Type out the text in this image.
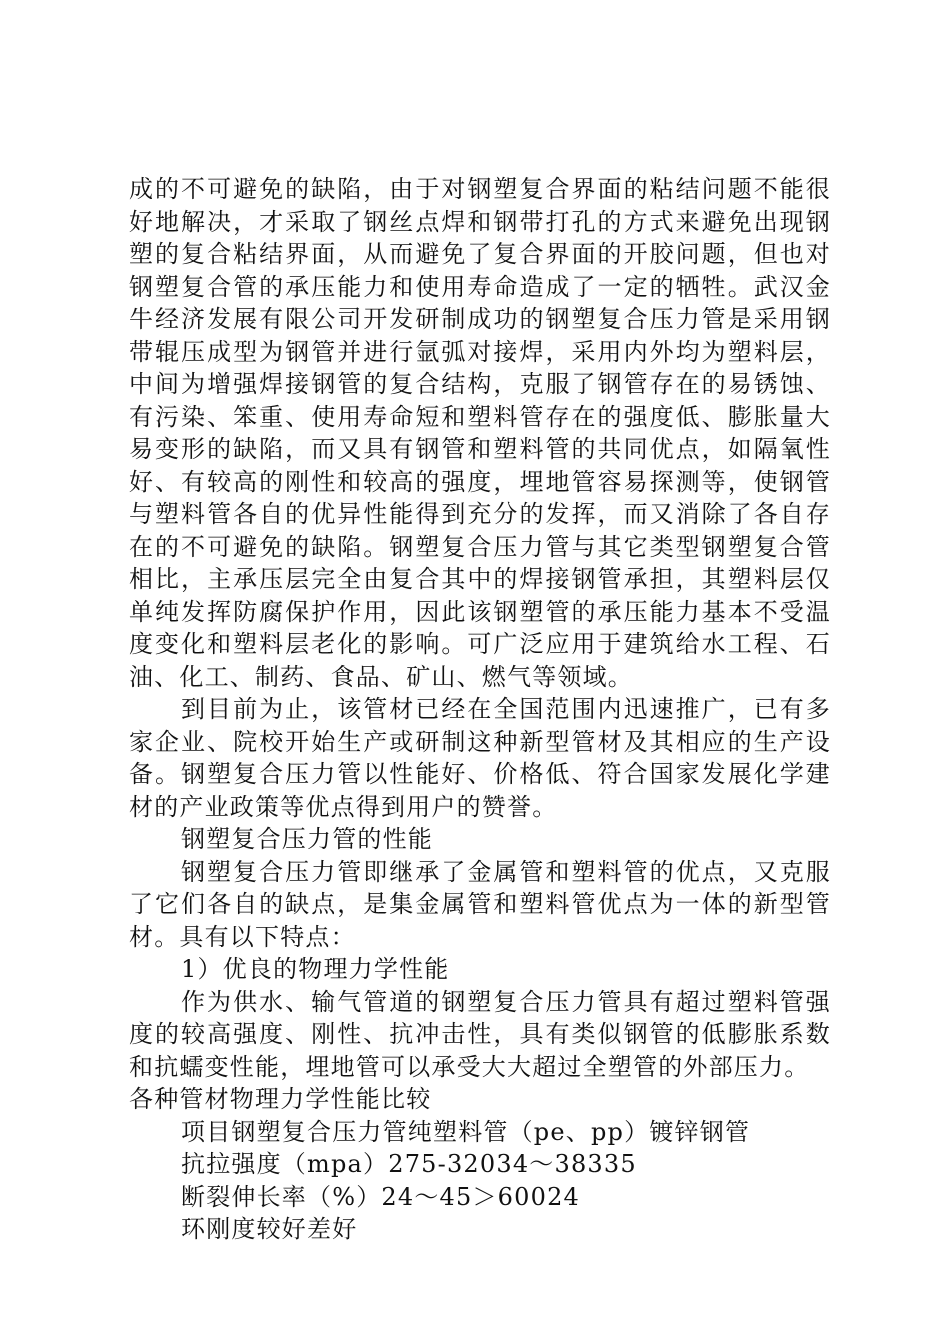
成的不可避免的缺陷，由于对钢塑复合界面的粘结问题不能很好地解决，才采取了钢丝点焊和钢带打孔的方式来避免出现钢塑的复合粘结界面，从而避免了复合界面的开胶问题，但也对钢塑复合管的承压能力和使用寿命造成了一定的牺牲。武汉金牛经济发展有限公司开发研制成功的钢塑复合压力管是采用钢带辊压成型为钢管并进行氩弧对接焊，采用内外均为塑料层，中间为增强焊接钢管的复合结构，克服了钢管存在的易锈蚀、有污染、笨重、使用寿命短和塑料管存在的强度低、膨胀量大易变形的缺陷，而又具有钢管和塑料管的共同优点，如隔氧性好、有较高的刚性和较高的强度，埋地管容易探测等，使钢管与塑料管各自的优异性能得到充分的发挥，而又消除了各自存在的不可避免的缺陷。钢塑复合压力管与其它类型钢塑复合管相比，主承压层完全由复合其中的焊接钢管承担，其塑料层仅单纯发挥防腐保护作用，因此该钢塑管的承压能力基本不受温度变化和塑料层老化的影响。可广泛应用于建筑给水工程、石油、化工、制药、食品、矿山、燃气等领域。

到目前为止，该管材已经在全国范围内迅速推广，已有多家企业、院校开始生产或研制这种新型管材及其相应的生产设备。钢塑复合压力管以性能好、价格低、符合国家发展化学建材的产业政策等优点得到用户的赞誉。

钢塑复合压力管的性能

钢塑复合压力管即继承了金属管和塑料管的优点，又克服了它们各自的缺点，是集金属管和塑料管优点为一体的新型管材。具有以下特点：

1）优良的物理力学性能

作为供水、输气管道的钢塑复合压力管具有超过塑料管强度的较高强度、刚性、抗冲击性，具有类似钢管的低膨胀系数和抗蠕变性能，埋地管可以承受大大超过全塑管的外部压力。

各种管材物理力学性能比较

项目钢塑复合压力管纯塑料管（pe、pp）镀锌钢管

抗拉强度（mpa）275-32034～38335

断裂伸长率（%）24～45＞60024

环刚度较好差好
